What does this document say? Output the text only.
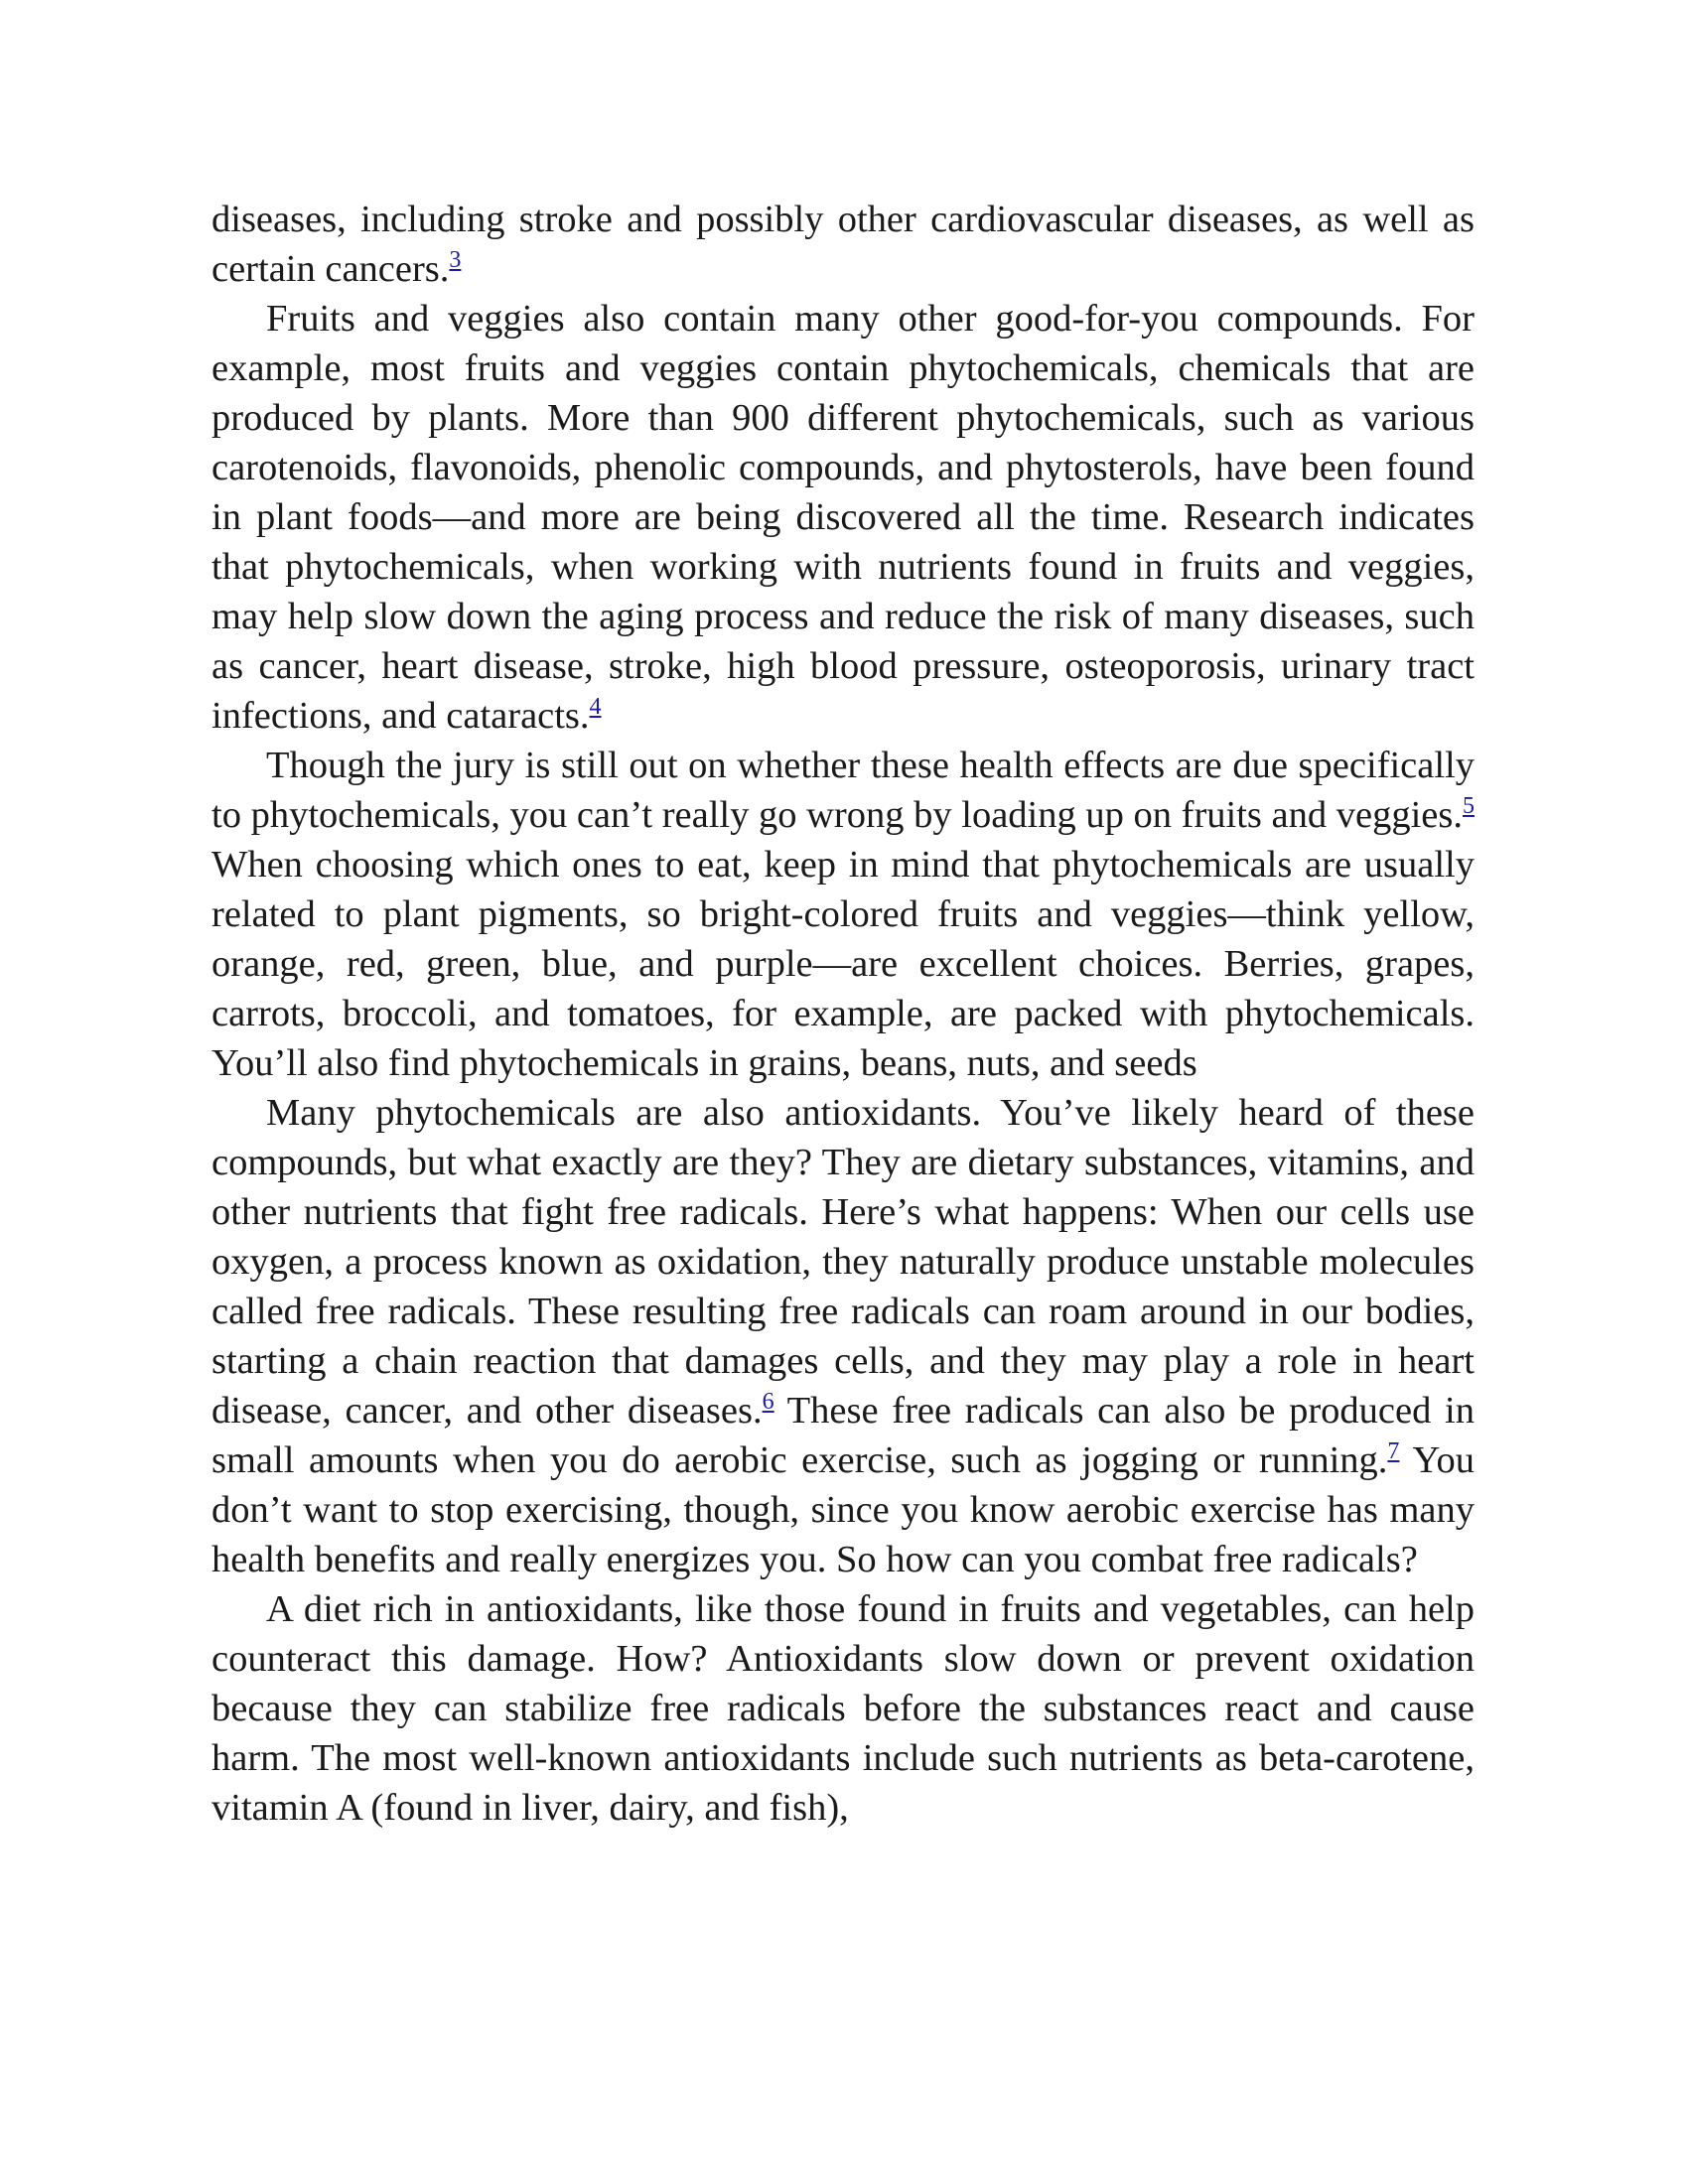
diseases, including stroke and possibly other cardiovascular diseases, as well as certain cancers.$^3$

Fruits and veggies also contain many other good-for-you compounds. For example, most fruits and veggies contain phytochemicals, chemicals that are produced by plants. More than 900 different phytochemicals, such as various carotenoids, flavonoids, phenolic compounds, and phytosterols, have been found in plant foods—and more are being discovered all the time. Research indicates that phytochemicals, when working with nutrients found in fruits and veggies, may help slow down the aging process and reduce the risk of many diseases, such as cancer, heart disease, stroke, high blood pressure, osteoporosis, urinary tract infections, and cataracts.$^4$

Though the jury is still out on whether these health effects are due specifically to phytochemicals, you can’t really go wrong by loading up on fruits and veggies.$^5$ When choosing which ones to eat, keep in mind that phytochemicals are usually related to plant pigments, so bright-colored fruits and veggies—think yellow, orange, red, green, blue, and purple—are excellent choices. Berries, grapes, carrots, broccoli, and tomatoes, for example, are packed with phytochemicals. You’ll also find phytochemicals in grains, beans, nuts, and seeds

Many phytochemicals are also antioxidants. You’ve likely heard of these compounds, but what exactly are they? They are dietary substances, vitamins, and other nutrients that fight free radicals. Here’s what happens: When our cells use oxygen, a process known as oxidation, they naturally produce unstable molecules called free radicals. These resulting free radicals can roam around in our bodies, starting a chain reaction that damages cells, and they may play a role in heart disease, cancer, and other diseases.$^6$ These free radicals can also be produced in small amounts when you do aerobic exercise, such as jogging or running.$^7$ You don’t want to stop exercising, though, since you know aerobic exercise has many health benefits and really energizes you. So how can you combat free radicals?

A diet rich in antioxidants, like those found in fruits and vegetables, can help counteract this damage. How? Antioxidants slow down or prevent oxidation because they can stabilize free radicals before the substances react and cause harm. The most well-known antioxidants include such nutrients as beta-carotene, vitamin A (found in liver, dairy, and fish),
